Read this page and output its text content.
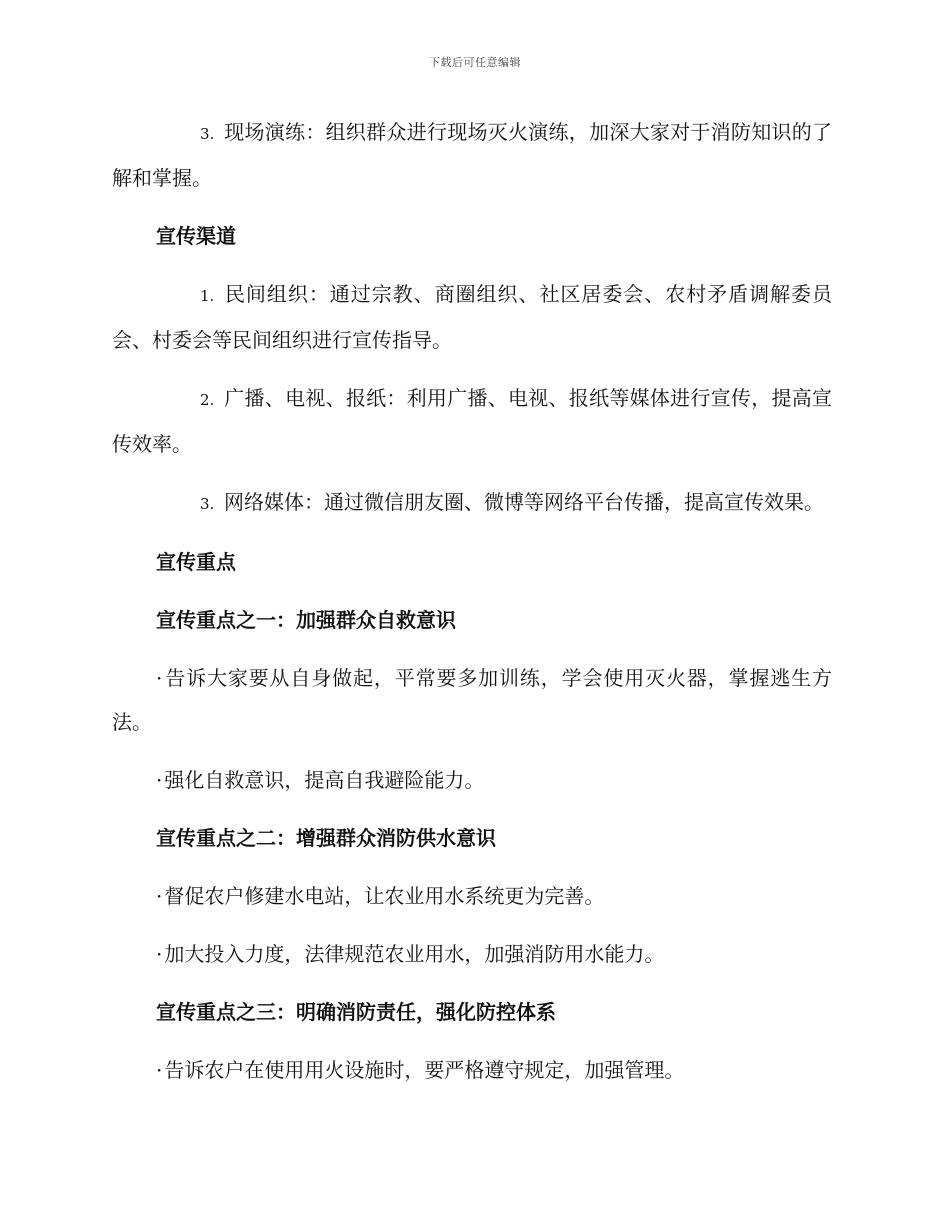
下载后可任意编辑

3. 现场演练：组织群众进行现场灭火演练，加深大家对于消防知识的了解和掌握。

宣传渠道

1. 民间组织：通过宗教、商圈组织、社区居委会、农村矛盾调解委员会、村委会等民间组织进行宣传指导。

2. 广播、电视、报纸：利用广播、电视、报纸等媒体进行宣传，提高宣传效率。

3. 网络媒体：通过微信朋友圈、微博等网络平台传播，提高宣传效果。

宣传重点
宣传重点之一：加强群众自救意识

· 告诉大家要从自身做起，平常要多加训练，学会使用灭火器，掌握逃生方法。

· 强化自救意识，提高自我避险能力。

宣传重点之二：增强群众消防供水意识

· 督促农户修建水电站，让农业用水系统更为完善。

· 加大投入力度，法律规范农业用水，加强消防用水能力。

宣传重点之三：明确消防责任，强化防控体系

· 告诉农户在使用用火设施时，要严格遵守规定，加强管理。
